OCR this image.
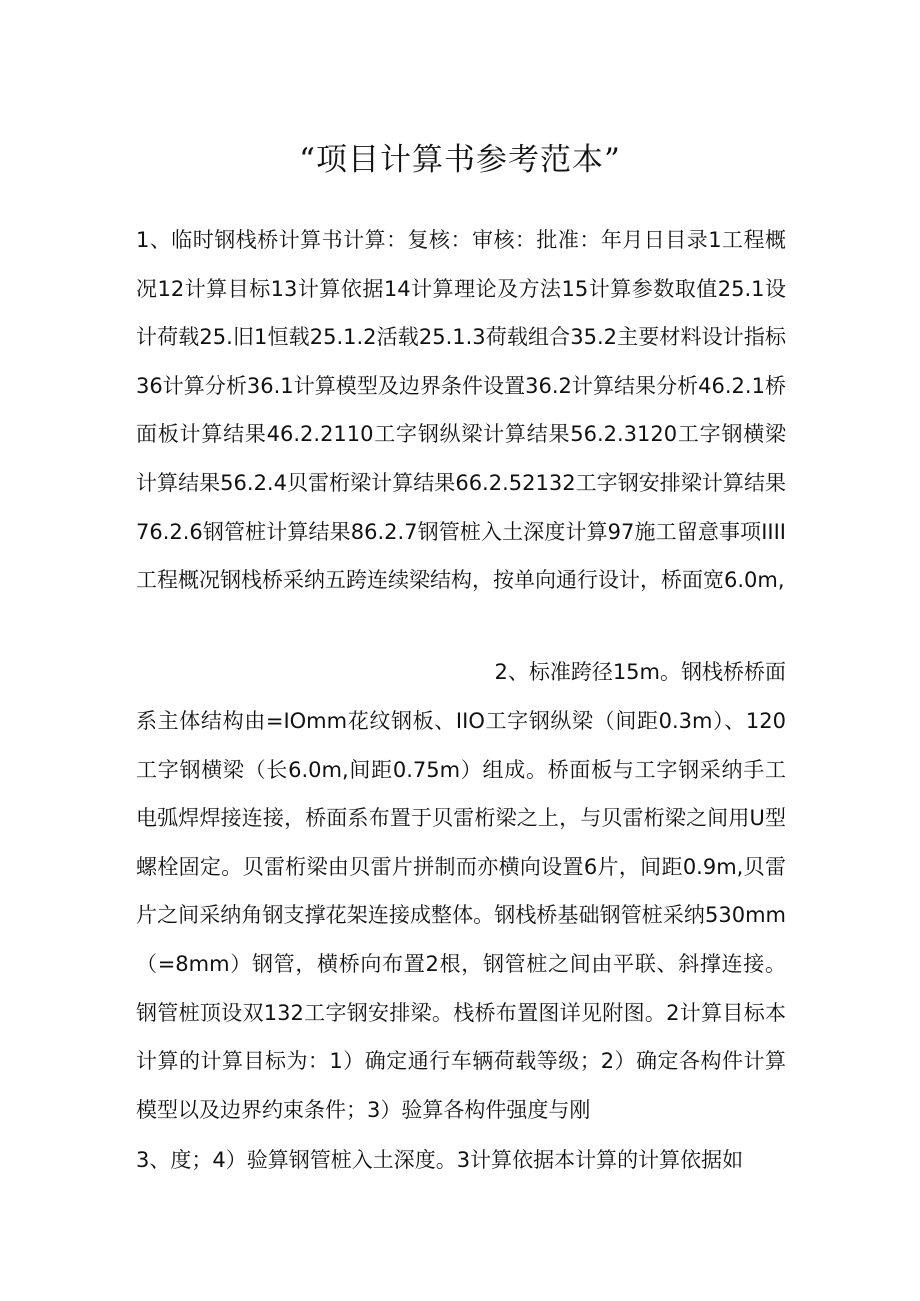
“项目计算书参考范本”

1、临时钢栈桥计算书计算：复核：审核：批准：年月日目录1工程概况12计算目标13计算依据14计算理论及方法15计算参数取值25.1设计荷载25.旧1恒载25.1.2活载25.1.3荷载组合35.2主要材料设计指标36计算分析36.1计算模型及边界条件设置36.2计算结果分析46.2.1桥面板计算结果46.2.2110工字钢纵梁计算结果56.2.3120工字钢横梁计算结果56.2.4贝雷桁梁计算结果66.2.52132工字钢安排梁计算结果76.2.6钢管桩计算结果86.2.7钢管桩入土深度计算97施工留意事项IIII工程概况钢栈桥采纳五跨连续梁结构，按单向通行设计，桥面宽6.0m,

2、标准跨径15m。钢栈桥桥面

系主体结构由=IOmm花纹钢板、IIO工字钢纵梁（间距0.3m）、120工字钢横梁（长6.0m,间距0.75m）组成。桥面板与工字钢采纳手工电弧焊焊接连接，桥面系布置于贝雷桁梁之上，与贝雷桁梁之间用U型螺栓固定。贝雷桁梁由贝雷片拼制而亦横向设置6片，间距0.9m,贝雷片之间采纳角钢支撑花架连接成整体。钢栈桥基础钢管桩采纳530mm（=8mm）钢管，横桥向布置2根，钢管桩之间由平联、斜撑连接。钢管桩顶设双132工字钢安排梁。栈桥布置图详见附图。2计算目标本计算的计算目标为：1）确定通行车辆荷载等级；2）确定各构件计算模型以及边界约束条件；3）验算各构件强度与刚

3、度；4）验算钢管桩入土深度。3计算依据本计算的计算依据如
